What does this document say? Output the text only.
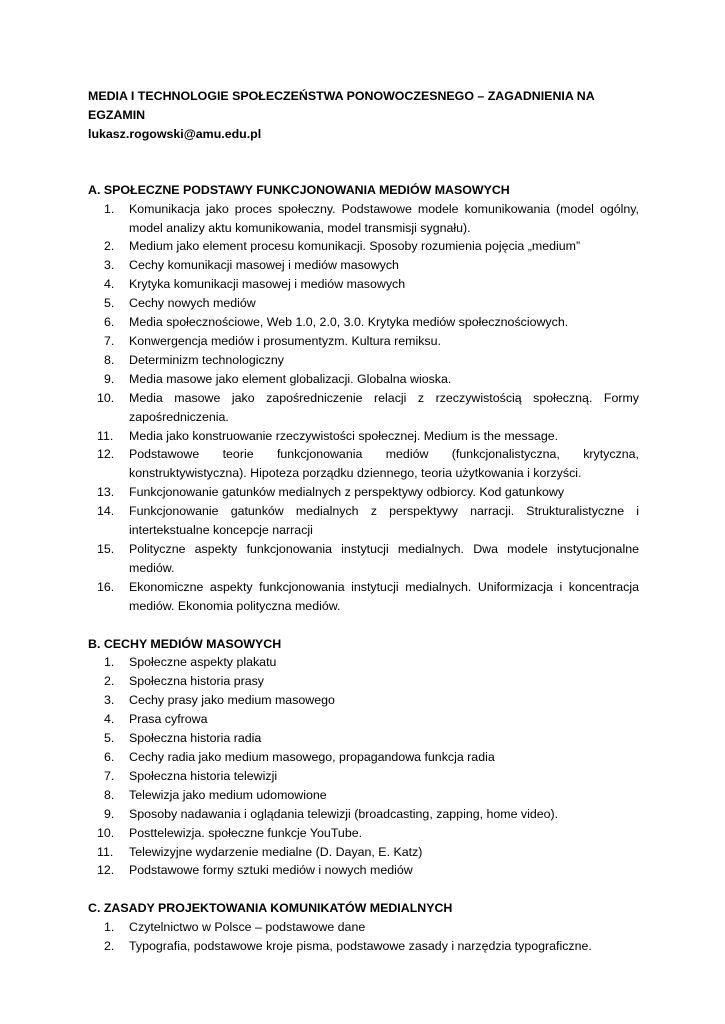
MEDIA I TECHNOLOGIE SPOŁECZEŃSTWA PONOWOCZESNEGO – ZAGADNIENIA NA EGZAMIN

lukasz.rogowski@amu.edu.pl

A. SPOŁECZNE PODSTAWY FUNKCJONOWANIA MEDIÓW MASOWYCH

1.	Komunikacja jako proces społeczny. Podstawowe modele komunikowania (model ogólny, model analizy aktu komunikowania, model transmisji sygnału).
2.	Medium jako element procesu komunikacji. Sposoby rozumienia pojęcia „medium”
3.	Cechy komunikacji masowej i mediów masowych
4.	Krytyka komunikacji masowej i mediów masowych
5.	Cechy nowych mediów
6.	Media społecznościowe, Web 1.0, 2.0, 3.0. Krytyka mediów społecznościowych.
7.	Konwergencja mediów i prosumentyzm. Kultura remiksu.
8.	Determinizm technologiczny
9.	Media masowe jako element globalizacji. Globalna wioska.
10. Media masowe jako zapośredniczenie relacji z rzeczywistością społeczną. Formy zapośredniczenia.
11. Media jako konstruowanie rzeczywistości społecznej. Medium is the message.
12. Podstawowe teorie funkcjonowania mediów (funkcjonalistyczna, krytyczna, konstruktywistyczna). Hipoteza porządku dziennego, teoria użytkowania i korzyści.
13. Funkcjonowanie gatunków medialnych z perspektywy odbiorcy. Kod gatunkowy
14. Funkcjonowanie gatunków medialnych z perspektywy narracji. Strukturalistyczne i intertekstualne koncepcje narracji
15. Polityczne aspekty funkcjonowania instytucji medialnych. Dwa modele instytucjonalne mediów.
16. Ekonomiczne aspekty funkcjonowania instytucji medialnych. Uniformizacja i koncentracja mediów. Ekonomia polityczna mediów.

B. CECHY MEDIÓW MASOWYCH

1.	Społeczne aspekty plakatu
2.	Społeczna historia prasy
3.	Cechy prasy jako medium masowego
4.	Prasa cyfrowa
5.	Społeczna historia radia
6.	Cechy radia jako medium masowego, propagandowa funkcja radia
7.	Społeczna historia telewizji
8.	Telewizja jako medium udomowione
9.	Sposoby nadawania i oglądania telewizji (broadcasting, zapping, home video).
10. Posttelewizja. społeczne funkcje YouTube.
11. Telewizyjne wydarzenie medialne (D. Dayan, E. Katz)
12. Podstawowe formy sztuki mediów i nowych mediów

C. ZASADY PROJEKTOWANIA KOMUNIKATÓW MEDIALNYCH

1.	Czytelnictwo w Polsce – podstawowe dane
2.	Typografia, podstawowe kroje pisma, podstawowe zasady i narzędzia typograficzne.
